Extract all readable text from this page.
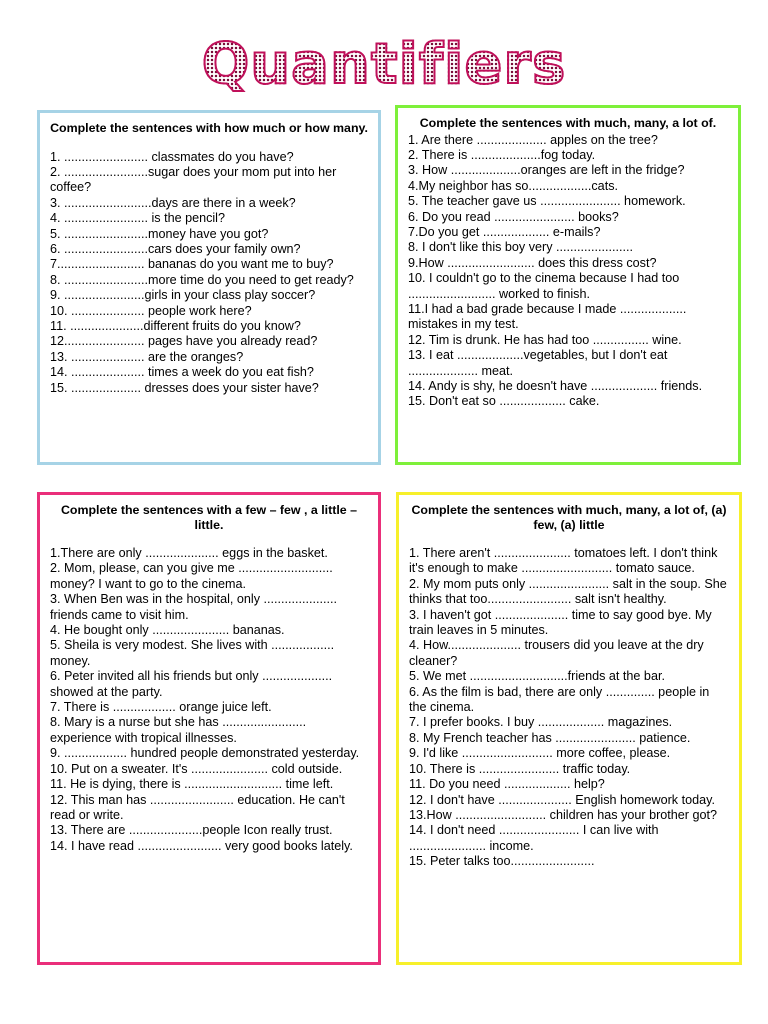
Quantifiers
Complete the sentences with how much or how many.
1. ........................ classmates do you have?
2. ........................sugar does your mom put into her coffee?
3. .........................days are there in a week?
4. ........................ is the pencil?
5. ........................money have you got?
6. ........................cars does your family own?
7......................... bananas do you want me to buy?
8. ........................more time do you need to get ready?
9. .......................girls in your class play soccer?
10. ..................... people work here?
11. .....................different fruits do you know?
12....................... pages have you already read?
13. ..................... are the oranges?
14. ..................... times a week do you eat fish?
15. .................... dresses does your sister have?
Complete the sentences with much, many, a lot of.
1. Are there .................... apples on the tree?
2. There is ....................fog today.
3. How ....................oranges are left in the fridge?
4.My neighbor has so..................cats.
5. The teacher gave us ....................... homework.
6. Do you read ....................... books?
7.Do you get ................... e-mails?
8. I don't like this boy very ......................
9.How ......................... does this dress cost?
10. I couldn't go to the cinema because I had too ......................... worked to finish.
11.I had a bad grade because I made ................... mistakes in my test.
12. Tim is drunk. He has had too ................ wine.
13. I eat ...................vegetables, but I don't eat .................... meat.
14. Andy is shy, he doesn't have ................... friends.
15. Don't eat so ................... cake.
Complete the sentences with a few – few , a little – little.
1.There are only ..................... eggs in the basket.
2. Mom, please, can you give me ........................... money? I want to go to the cinema.
3. When Ben was in the hospital, only ..................... friends came to visit him.
4. He bought only ...................... bananas.
5. Sheila is very modest. She lives with .................. money.
6. Peter invited all his friends but only .................... showed at the party.
7. There is .................. orange juice left.
8. Mary is a nurse but she has ........................ experience with tropical illnesses.
9. .................. hundred people demonstrated yesterday.
10. Put on a sweater. It's ...................... cold outside.
11. He is dying, there is ............................ time left.
12. This man has ........................ education. He can't read or write.
13. There are .....................people Icon really trust.
14. I have read ........................ very good books lately.
Complete the sentences with much, many, a lot of, (a) few, (a) little
1. There aren't ...................... tomatoes left. I don't think it's enough to make .......................... tomato sauce.
2. My mom puts only ....................... salt in the soup. She thinks that too........................ salt isn't healthy.
3. I haven't got ..................... time to say good bye. My train leaves in 5 minutes.
4. How..................... trousers did you leave at the dry cleaner?
5. We met ............................friends at the bar.
6. As the film is bad, there are only .............. people in the cinema.
7. I prefer books. I buy ................... magazines.
8. My French teacher has ....................... patience.
9. I'd like .......................... more coffee, please.
10. There is ....................... traffic today.
11. Do you need ................... help?
12. I don't have ..................... English homework today.
13.How .......................... children has your brother got?
14. I don't need ....................... I can live with ...................... income.
15. Peter talks too........................
